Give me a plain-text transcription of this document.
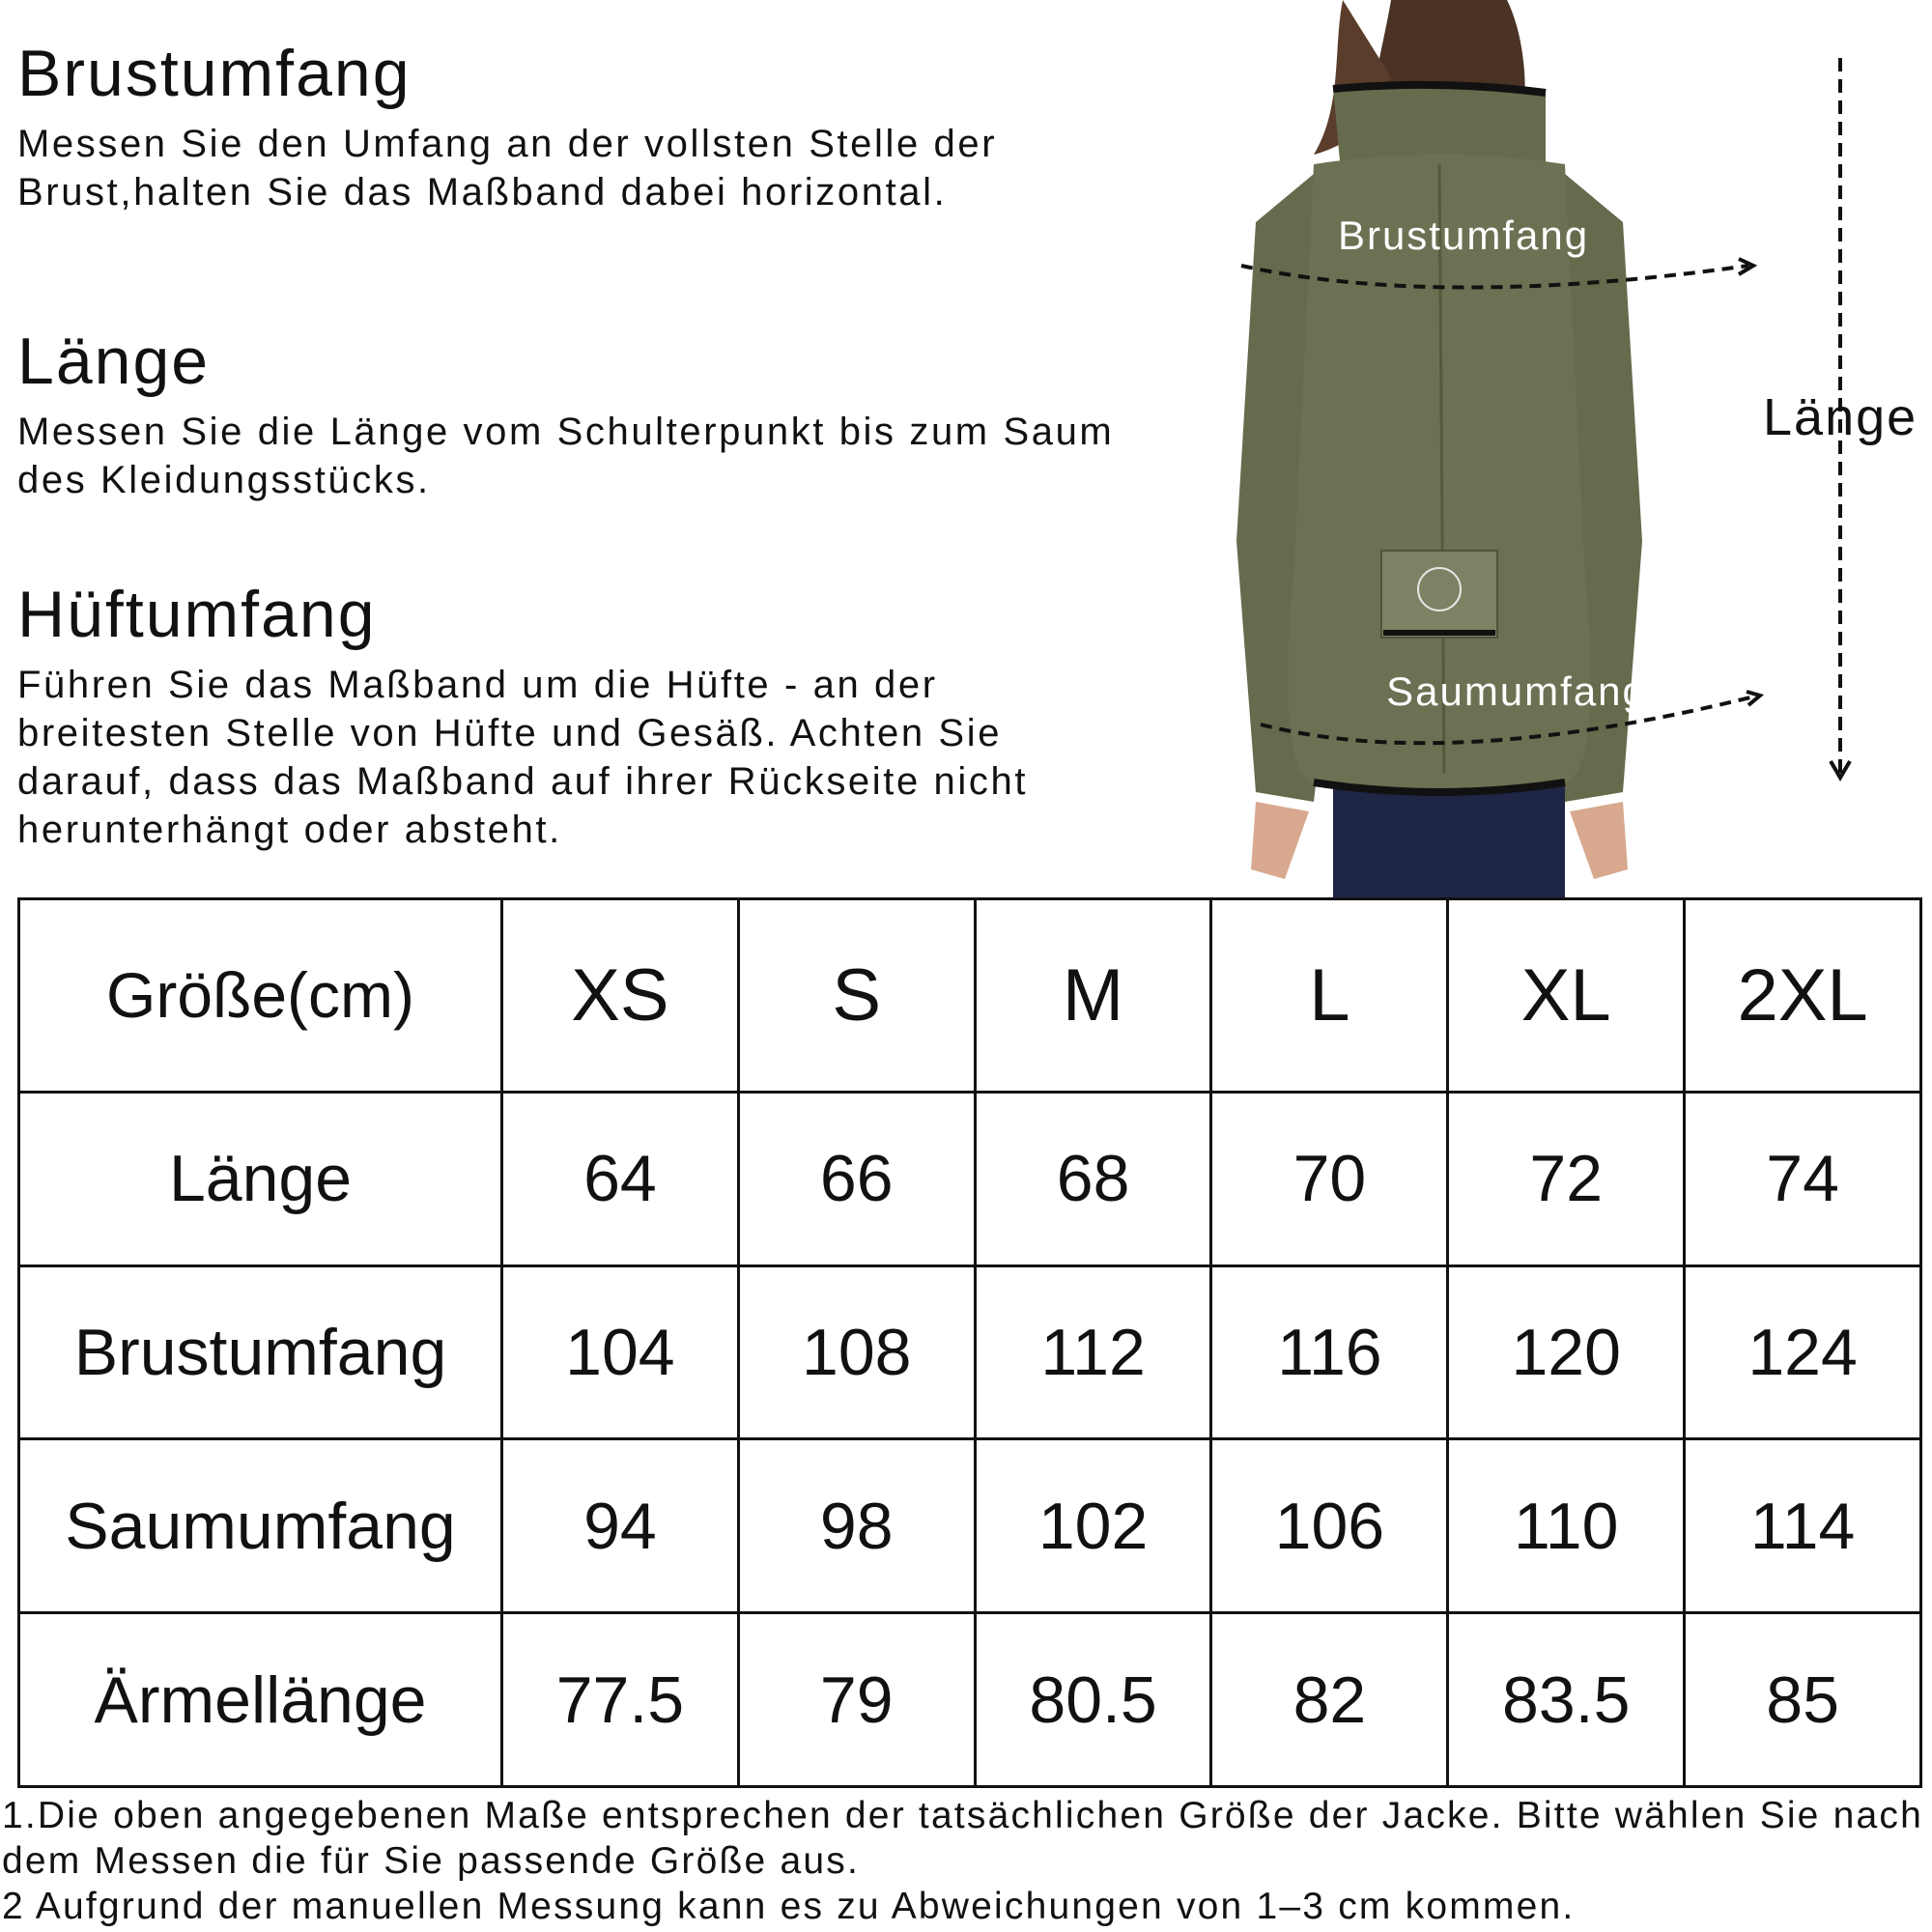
Brustumfang

Messen Sie den Umfang an der vollsten Stelle der Brust,halten Sie das Maßband dabei horizontal.

Länge

Messen Sie die Länge vom Schulterpunkt bis zum Saum des Kleidungsstücks.

Hüftumfang

Führen Sie das Maßband um die Hüfte - an der breitesten Stelle von Hüfte und Gesäß. Achten Sie darauf, dass das Maßband auf ihrer Rückseite nicht herunterhängt oder absteht.

Brustumfang
Saumumfang
Länge
Größe(cm)	XS	S	M	L	XL	2XL
Länge	64	66	68	70	72	74
Brustumfang	104	108	112	116	120	124
Saumumfang	94	98	102	106	110	114
Ärmellänge	77.5	79	80.5	82	83.5	85

1.Die oben angegebenen Maße entsprechen der tatsächlichen Größe der Jacke. Bitte wählen Sie nach dem Messen die für Sie passende Größe aus.

2 Aufgrund der manuellen Messung kann es zu Abweichungen von 1–3 cm kommen.
